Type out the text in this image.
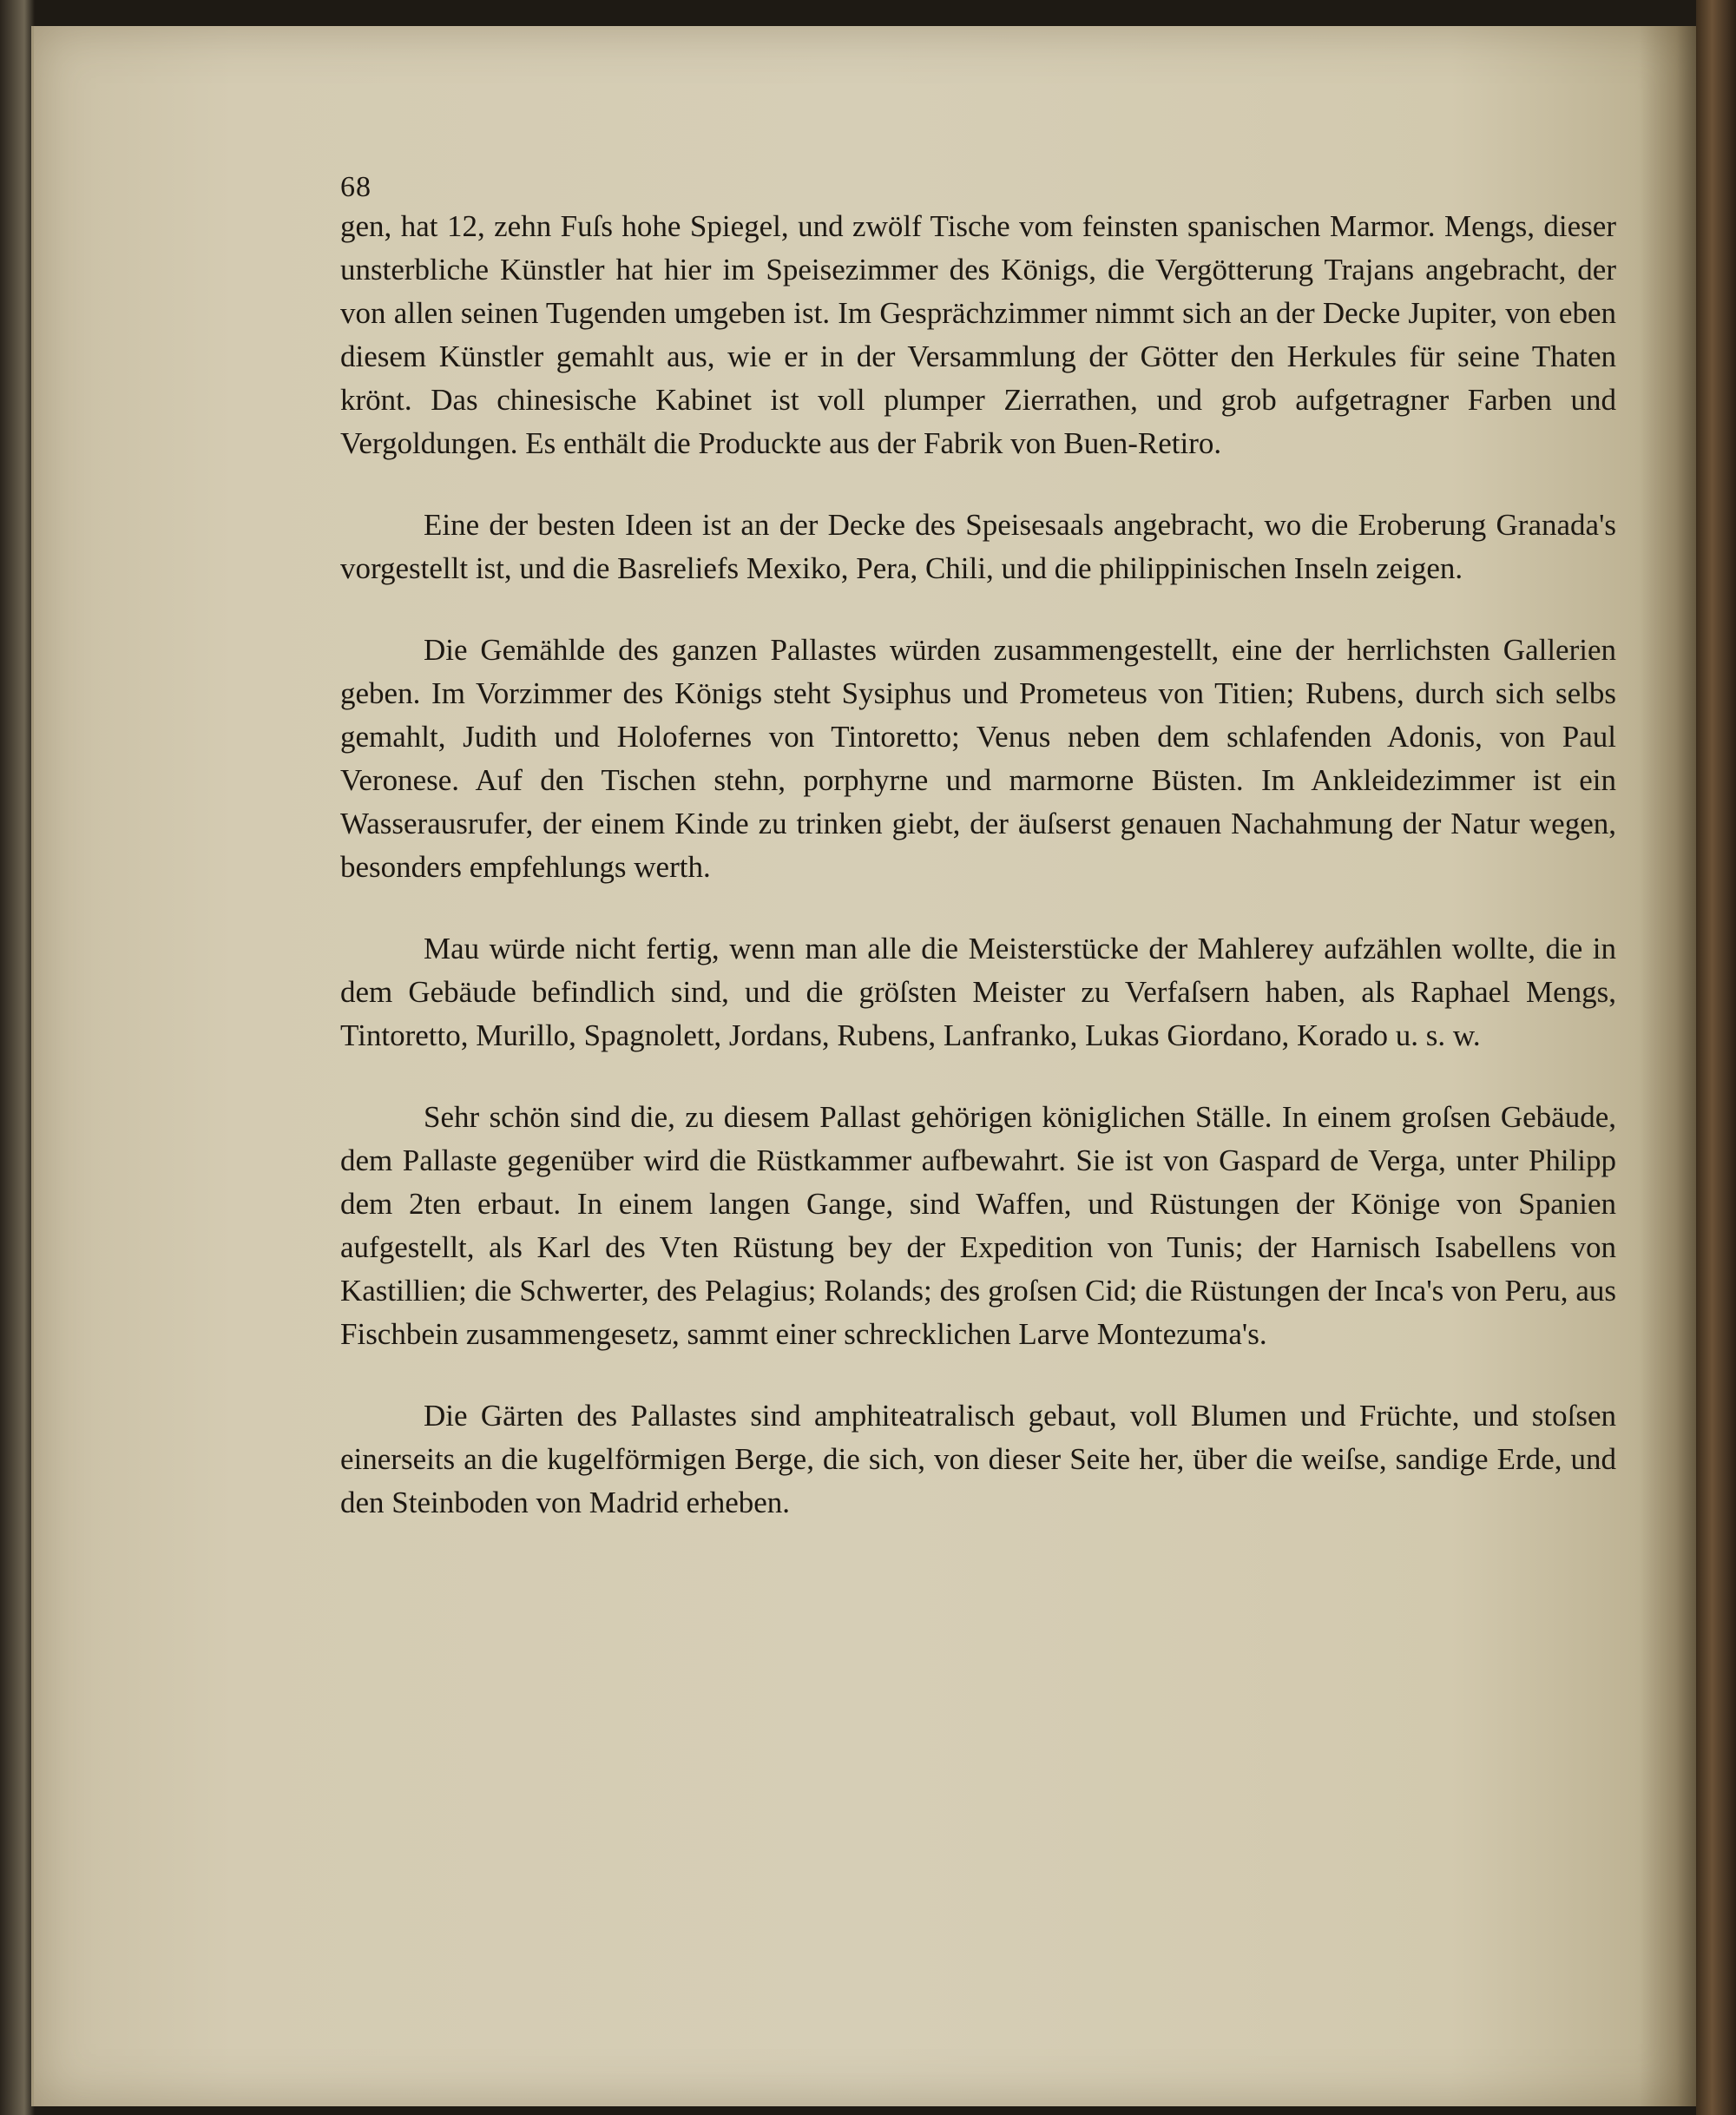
68

gen, hat 12, zehn Fuſs hohe Spiegel, und zwölf Tische vom feinsten spanischen Marmor. Mengs, dieser unsterbliche Künstler hat hier im Speisezimmer des Königs, die Vergötterung Trajans angebracht, der von allen seinen Tugenden umgeben ist. Im Gesprächzimmer nimmt sich an der Decke Jupiter, von eben diesem Künstler gemahlt aus, wie er in der Versammlung der Götter den Herkules für seine Thaten krönt. Das chinesische Kabinet ist voll plumper Zierrathen, und grob aufgetragner Farben und Vergoldungen. Es enthält die Produckte aus der Fabrik von Buen-Retiro.

Eine der besten Ideen ist an der Decke des Speisesaals angebracht, wo die Eroberung Granada's vorgestellt ist, und die Basreliefs Mexiko, Pera, Chili, und die philippinischen Inseln zeigen.

Die Gemählde des ganzen Pallastes würden zusammengestellt, eine der herrlichsten Gallerien geben. Im Vorzimmer des Königs steht Sysiphus und Prometeus von Titien; Rubens, durch sich selbs gemahlt, Judith und Holofernes von Tintoretto; Venus neben dem schlafenden Adonis, von Paul Veronese. Auf den Tischen stehn, porphyrne und marmorne Büsten. Im Ankleidezimmer ist ein Wasserausrufer, der einem Kinde zu trinken giebt, der äuſserst genauen Nachahmung der Natur wegen, besonders empfehlungs werth.

Mau würde nicht fertig, wenn man alle die Meisterstücke der Mahlerey aufzählen wollte, die in dem Gebäude befindlich sind, und die gröſsten Meister zu Verfaſsern haben, als Raphael Mengs, Tintoretto, Murillo, Spagnolett, Jordans, Rubens, Lanfranko, Lukas Giordano, Korado u. s. w.

Sehr schön sind die, zu diesem Pallast gehörigen königlichen Ställe. In einem groſsen Gebäude, dem Pallaste gegenüber wird die Rüstkammer aufbewahrt. Sie ist von Gaspard de Verga, unter Philipp dem 2ten erbaut. In einem langen Gange, sind Waffen, und Rüstungen der Könige von Spanien aufgestellt, als Karl des Vten Rüstung bey der Expedition von Tunis; der Harnisch Isabellens von Kastillien; die Schwerter, des Pelagius; Rolands; des groſsen Cid; die Rüstungen der Inca's von Peru, aus Fischbein zusammengesetz, sammt einer schrecklichen Larve Montezuma's.

Die Gärten des Pallastes sind amphiteatralisch gebaut, voll Blumen und Früchte, und stoſsen einerseits an die kugelförmigen Berge, die sich, von dieser Seite her, über die weiſse, sandige Erde, und den Steinboden von Madrid erheben.
